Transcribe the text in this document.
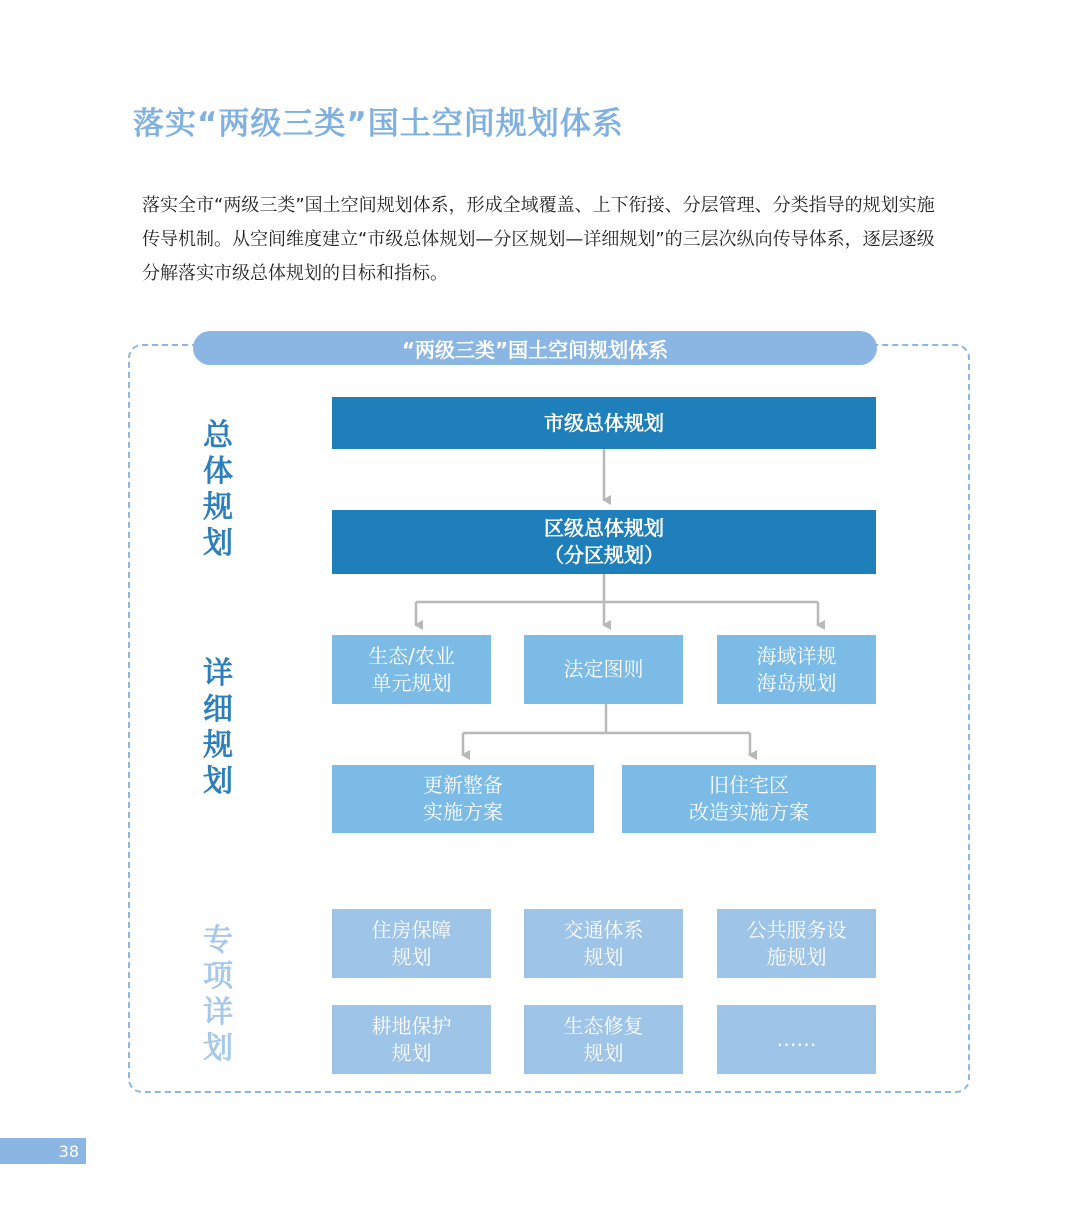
落实“两级三类”国土空间规划体系
落实全市“两级三类”国土空间规划体系，形成全域覆盖、上下衔接、分层管理、分类指导的规划实施
传导机制。从空间维度建立“市级总体规划—分区规划—详细规划”的三层次纵向传导体系，逐层逐级
分解落实市级总体规划的目标和指标。
“两级三类”国土空间规划体系
总
体
规
划
详
细
规
划
专
项
详
划
市级总体规划
区级总体规划
（分区规划）
生态/农业
单元规划
法定图则
海域详规
海岛规划
更新整备
实施方案
旧住宅区
改造实施方案
住房保障
规划
交通体系
规划
公共服务设
施规划
耕地保护
规划
生态修复
规划
……
38
